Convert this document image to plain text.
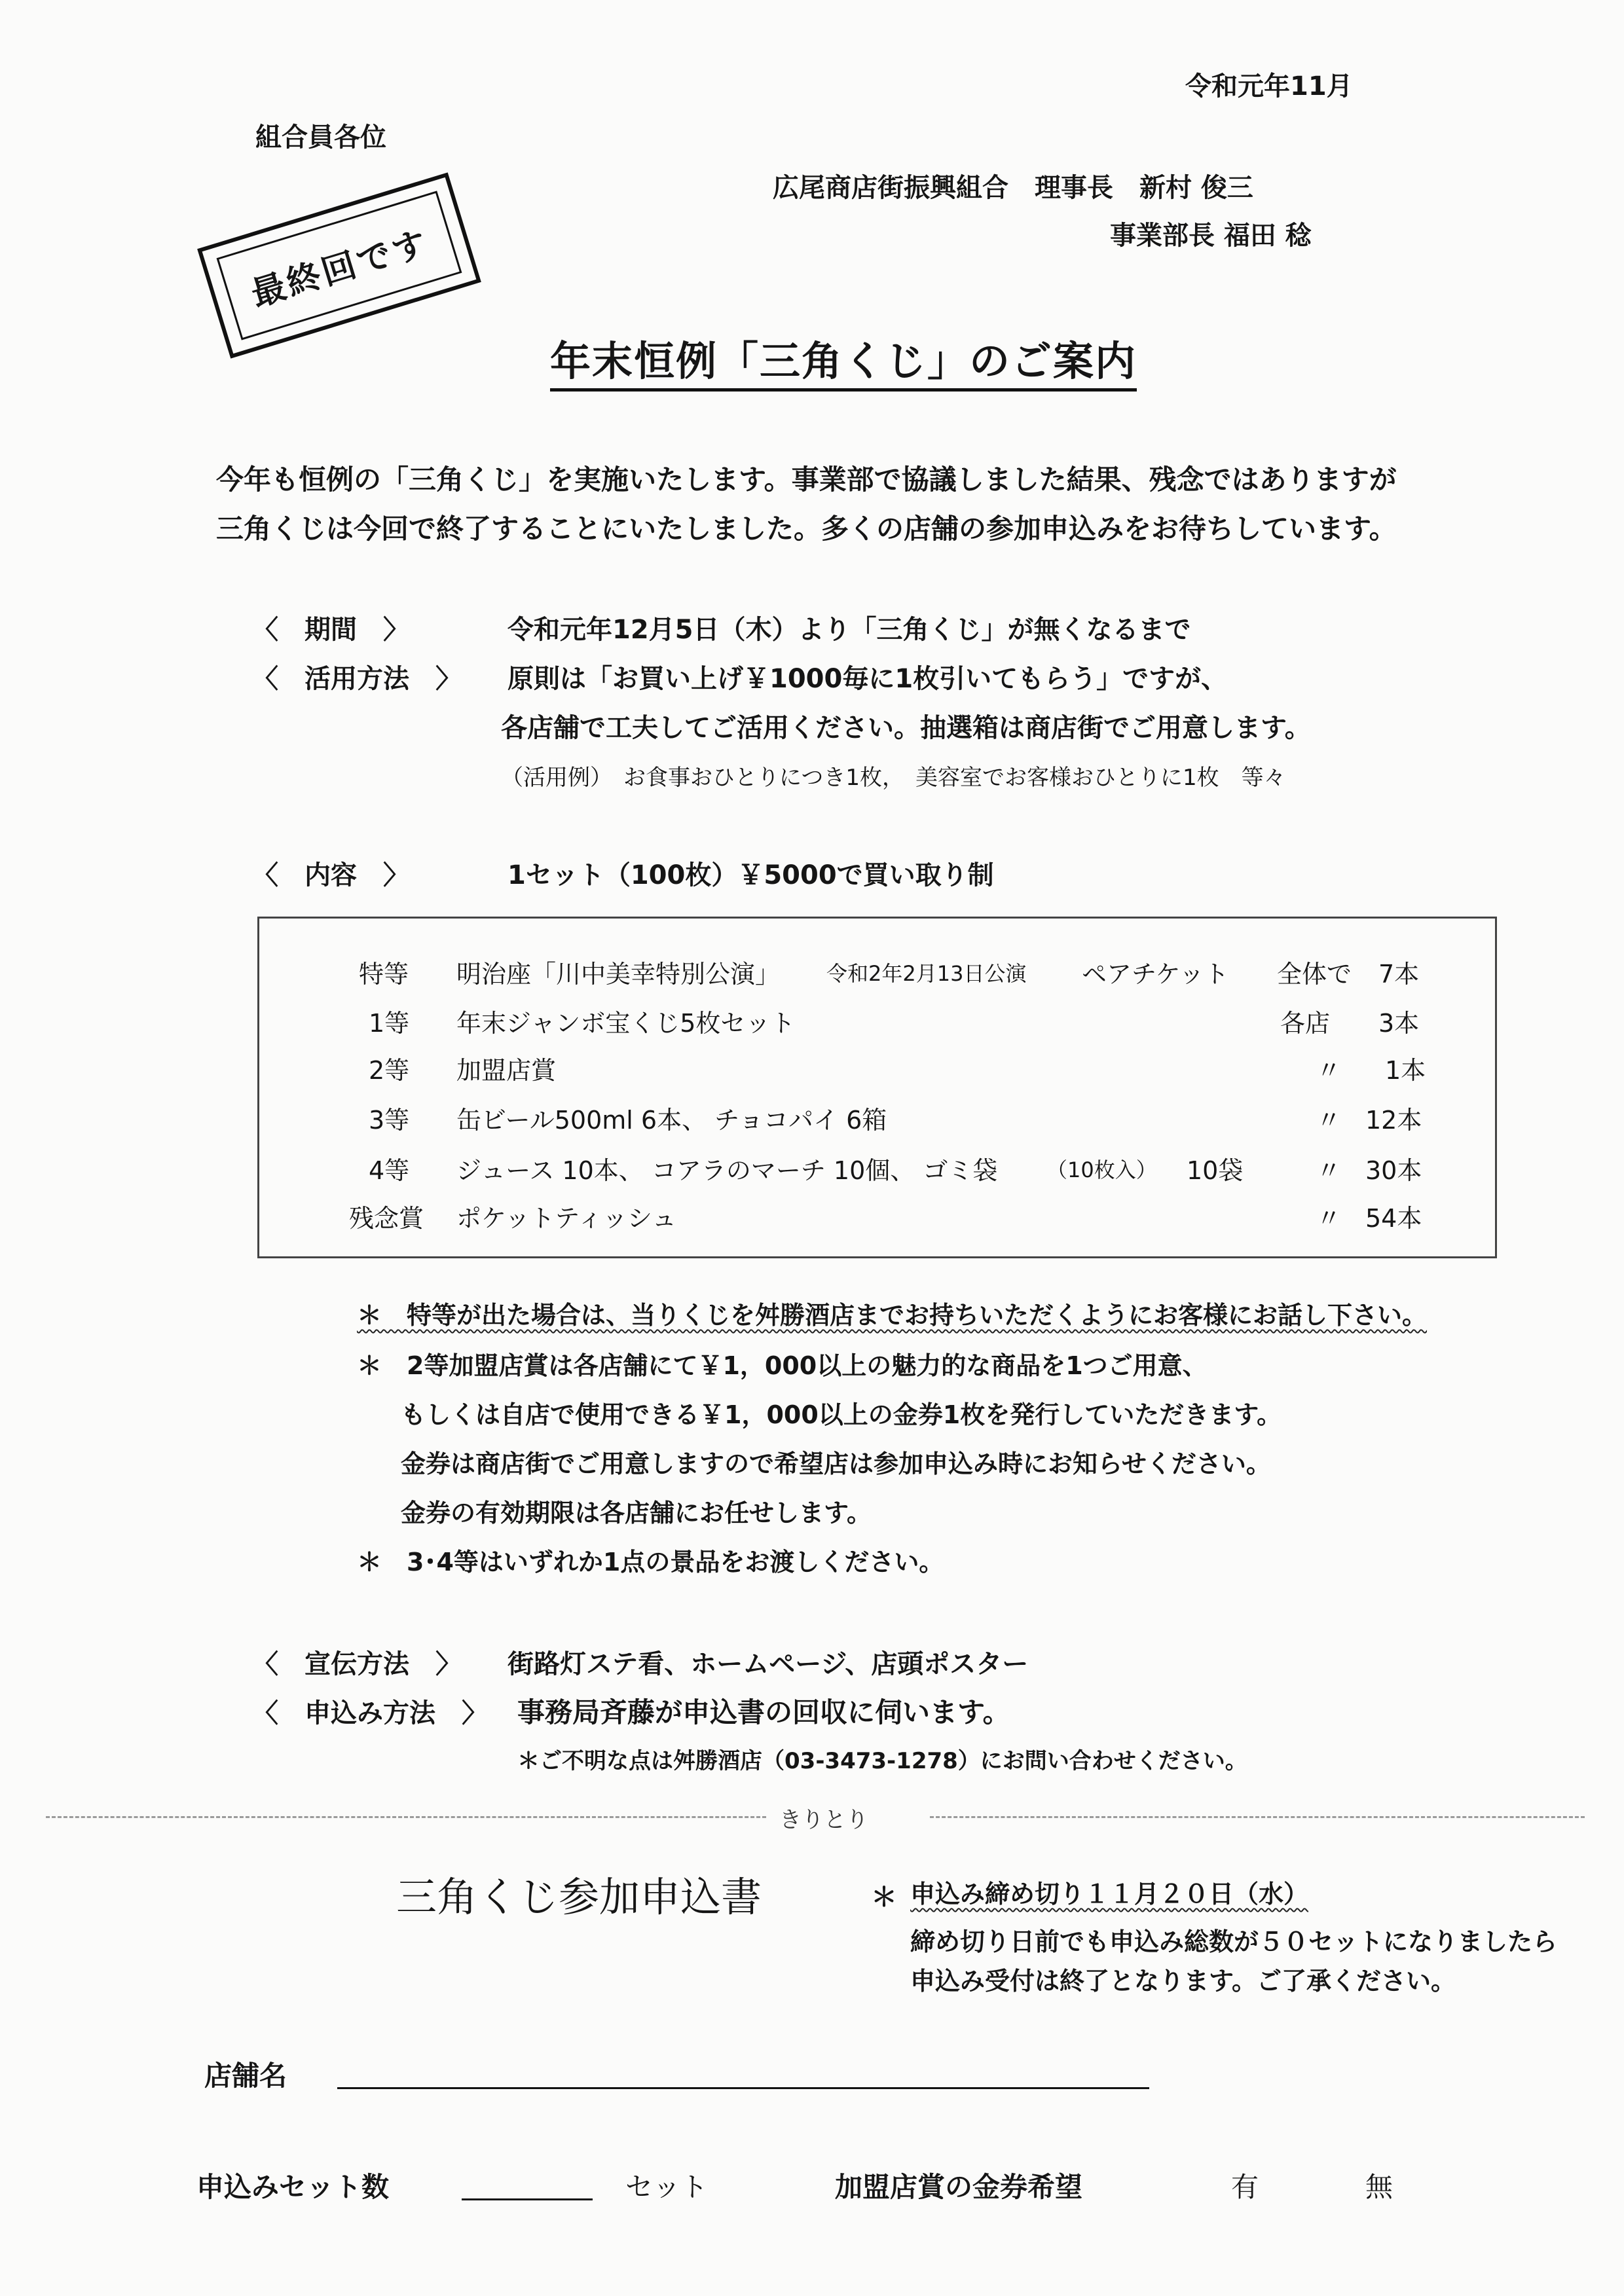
令和元年11月
組合員各位
広尾商店街振興組合　理事長　新村 俊三
事業部長 福田 稔
最終回です
年末恒例「三角くじ」のご案内
今年も恒例の「三角くじ」を実施いたします。事業部で協議しました結果、残念ではありますが
三角くじは今回で終了することにいたしました。多くの店舗の参加申込みをお待ちしています。
〈　期間　〉	令和元年12月5日（木）より「三角くじ」が無くなるまで
〈　活用方法　〉 原則は「お買い上げ￥1000毎に1枚引いてもらう」ですが、
各店舗で工夫してご活用ください。抽選箱は商店街でご用意します。
（活用例）　お食事おひとりにつき1枚，　美容室でお客様おひとりに1枚　等々
〈　内容　〉	1セット（100枚）￥5000で買い取り制
特等 明治座「川中美幸特別公演」 令和2年2月13日公演 ペアチケット 全体で 7本
1等 年末ジャンボ宝くじ5枚セット	各店 3本
2等 加盟店賞	〃 1本
3等 缶ビール500ml 6本、 チョコパイ 6箱	〃 12本
4等 ジュース 10本、 コアラのマーチ 10個、 ゴミ袋 （10枚入） 10袋	〃 30本
残念賞 ポケットティッシュ	〃 54本
＊　特等が出た場合は、当りくじを舛勝酒店までお持ちいただくようにお客様にお話し下さい。
＊　2等加盟店賞は各店舗にて￥1，000以上の魅力的な商品を1つご用意、
もしくは自店で使用できる￥1，000以上の金券1枚を発行していただきます。
金券は商店街でご用意しますので希望店は参加申込み時にお知らせください。
金券の有効期限は各店舗にお任せします。
＊　3･4等はいずれか1点の景品をお渡しください。
〈　宣伝方法　〉 街路灯ステ看、ホームページ、店頭ポスター
〈　申込み方法　〉 事務局斉藤が申込書の回収に伺います。
＊ご不明な点は舛勝酒店（03-3473-1278）にお問い合わせください。
きりとり
三角くじ参加申込書	＊ 申込み締め切り１１月２０日（水）
締め切り日前でも申込み総数が５０セットになりましたら
申込み受付は終了となります。ご了承ください。
店舗名
申込みセット数	セット	加盟店賞の金券希望	有	無
